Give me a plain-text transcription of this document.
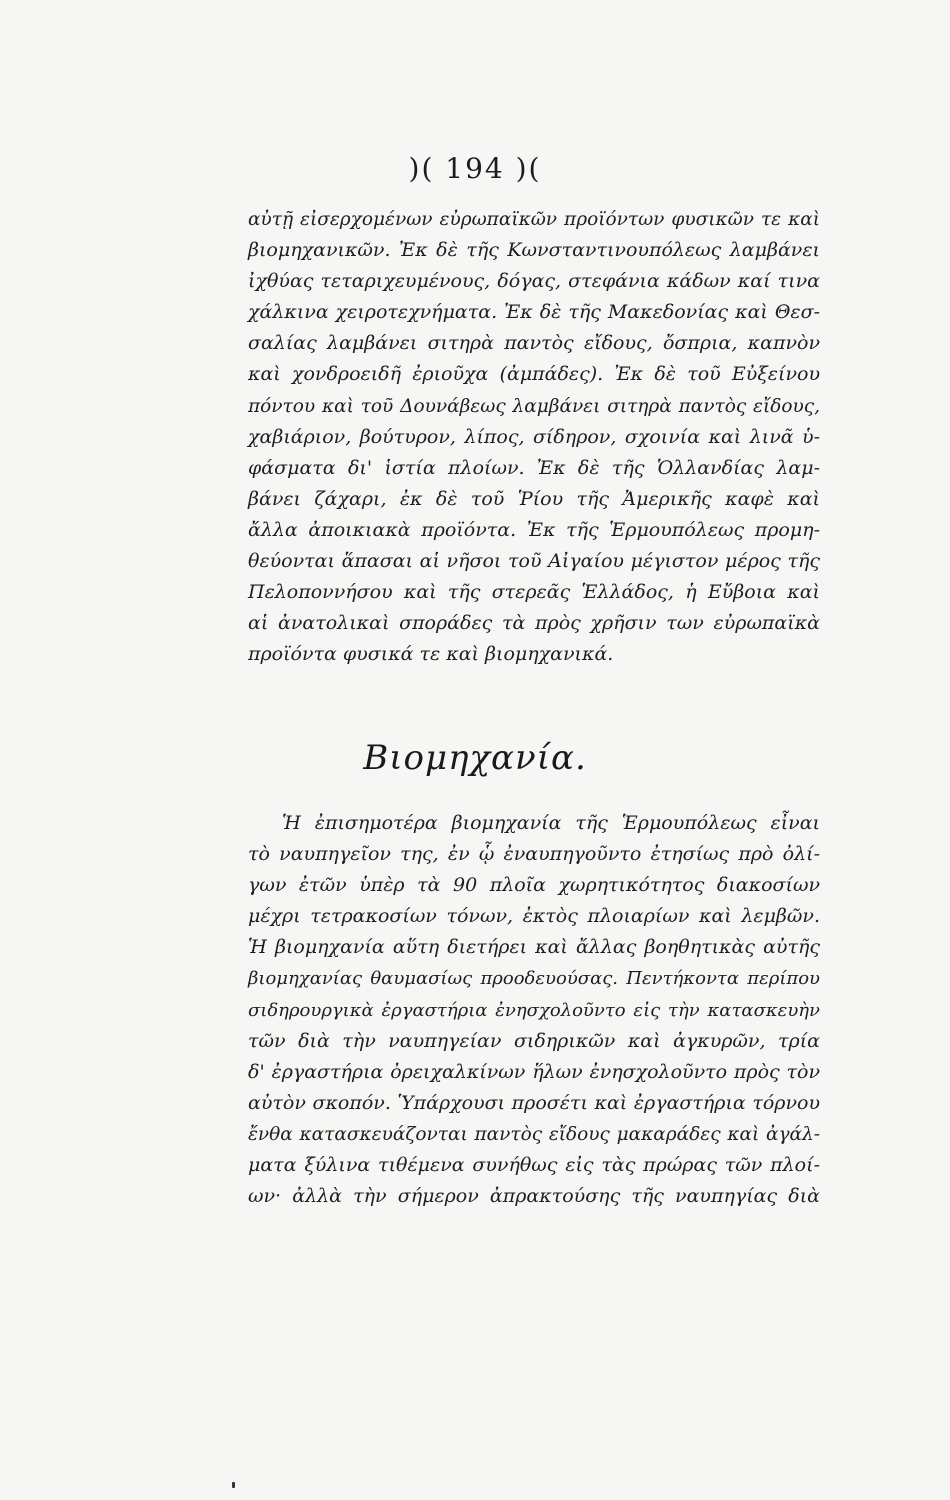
)( 194 )(
αὐτῇ εἰσερχομένων εὐρωπαϊκῶν προϊόντων φυσικῶν τε καὶ
βιομηχανικῶν. Ἐκ δὲ τῆς Κωνσταντινουπόλεως λαμβάνει
ἰχθύας τεταριχευμένους, δόγας, στεφάνια κάδων καί τινα
χάλκινα χειροτεχνήματα. Ἐκ δὲ τῆς Μακεδονίας καὶ Θεσ-
σαλίας λαμβάνει σιτηρὰ παντὸς εἴδους, ὄσπρια, καπνὸν
καὶ χονδροειδῆ ἐριοῦχα (ἀμπάδες). Ἐκ δὲ τοῦ Εὐξείνου
πόντου καὶ τοῦ Δουνάβεως λαμβάνει σιτηρὰ παντὸς εἴδους,
χαβιάριον, βούτυρον, λίπος, σίδηρον, σχοινία καὶ λινᾶ ὑ-
φάσματα δι' ἱστία πλοίων. Ἐκ δὲ τῆς Ὁλλανδίας λαμ-
βάνει ζάχαρι, ἐκ δὲ τοῦ Ῥίου τῆς Ἀμερικῆς καφὲ καὶ
ἄλλα ἀποικιακὰ προϊόντα. Ἐκ τῆς Ἑρμουπόλεως προμη-
θεύονται ἅπασαι αἱ νῆσοι τοῦ Αἰγαίου μέγιστον μέρος τῆς
Πελοποννήσου καὶ τῆς στερεᾶς Ἑλλάδος, ἡ Εὔβοια καὶ
αἱ ἀνατολικαὶ σποράδες τὰ πρὸς χρῆσιν των εὐρωπαϊκὰ
προϊόντα φυσικά τε καὶ βιομηχανικά.
Βιομηχανία.
Ἡ ἐπισημοτέρα βιομηχανία τῆς Ἑρμουπόλεως εἶναι
τὸ ναυπηγεῖον της, ἐν ᾧ ἐναυπηγοῦντο ἐτησίως πρὸ ὀλί-
γων ἐτῶν ὑπὲρ τὰ 90 πλοῖα χωρητικότητος διακοσίων
μέχρι τετρακοσίων τόνων, ἐκτὸς πλοιαρίων καὶ λεμβῶν.
Ἡ βιομηχανία αὕτη διετήρει καὶ ἄλλας βοηθητικὰς αὐτῆς
βιομηχανίας θαυμασίως προοδευούσας. Πεντήκοντα περίπου
σιδηρουργικὰ ἐργαστήρια ἐνησχολοῦντο εἰς τὴν κατασκευὴν
τῶν διὰ τὴν ναυπηγείαν σιδηρικῶν καὶ ἀγκυρῶν, τρία
δ' ἐργαστήρια ὀρειχαλκίνων ἥλων ἐνησχολοῦντο πρὸς τὸν
αὐτὸν σκοπόν. Ὑπάρχουσι προσέτι καὶ ἐργαστήρια τόρνου
ἔνθα κατασκευάζονται παντὸς εἴδους μακαράδες καὶ ἀγάλ-
ματα ξύλινα τιθέμενα συνήθως εἰς τὰς πρώρας τῶν πλοί-
ων· ἀλλὰ τὴν σήμερον ἀπρακτούσης τῆς ναυπηγίας διὰ
